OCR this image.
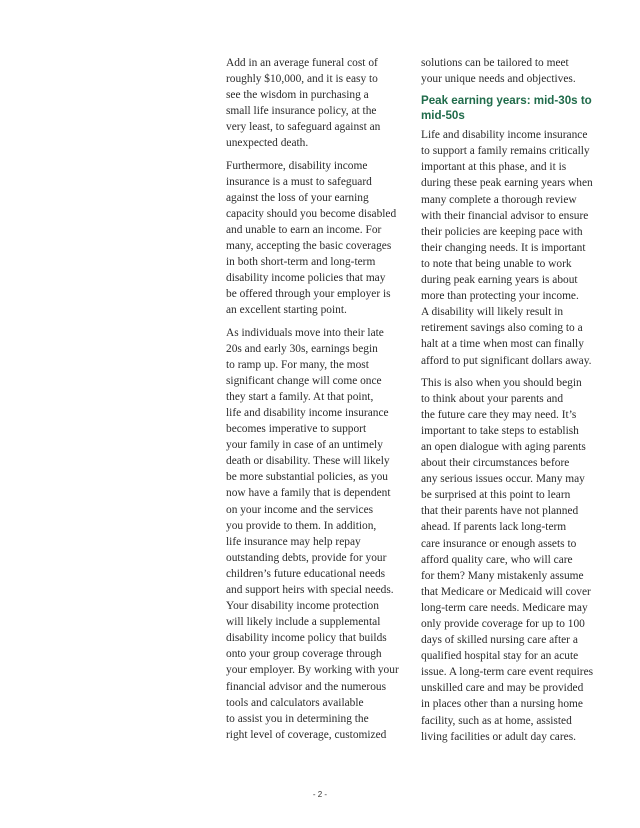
Add in an average funeral cost of
roughly $10,000, and it is easy to
see the wisdom in purchasing a
small life insurance policy, at the
very least, to safeguard against an
unexpected death.

Furthermore, disability income
insurance is a must to safeguard
against the loss of your earning
capacity should you become disabled
and unable to earn an income. For
many, accepting the basic coverages
in both short-term and long-term
disability income policies that may
be offered through your employer is
an excellent starting point.

As individuals move into their late
20s and early 30s, earnings begin
to ramp up. For many, the most
significant change will come once
they start a family. At that point,
life and disability income insurance
becomes imperative to support
your family in case of an untimely
death or disability. These will likely
be more substantial policies, as you
now have a family that is dependent
on your income and the services
you provide to them. In addition,
life insurance may help repay
outstanding debts, provide for your
children’s future educational needs
and support heirs with special needs.
Your disability income protection
will likely include a supplemental
disability income policy that builds
onto your group coverage through
your employer. By working with your
financial advisor and the numerous
tools and calculators available
to assist you in determining the
right level of coverage, customized

solutions can be tailored to meet
your unique needs and objectives.

Peak earning years: mid-30s to mid-50s

Life and disability income insurance
to support a family remains critically
important at this phase, and it is
during these peak earning years when
many complete a thorough review
with their financial advisor to ensure
their policies are keeping pace with
their changing needs. It is important
to note that being unable to work
during peak earning years is about
more than protecting your income.
A disability will likely result in
retirement savings also coming to a
halt at a time when most can finally
afford to put significant dollars away.

This is also when you should begin
to think about your parents and
the future care they may need. It’s
important to take steps to establish
an open dialogue with aging parents
about their circumstances before
any serious issues occur. Many may
be surprised at this point to learn
that their parents have not planned
ahead. If parents lack long-term
care insurance or enough assets to
afford quality care, who will care
for them? Many mistakenly assume
that Medicare or Medicaid will cover
long-term care needs. Medicare may
only provide coverage for up to 100
days of skilled nursing care after a
qualified hospital stay for an acute
issue. A long-term care event requires
unskilled care and may be provided
in places other than a nursing home
facility, such as at home, assisted
living facilities or adult day cares.

- 2 -
